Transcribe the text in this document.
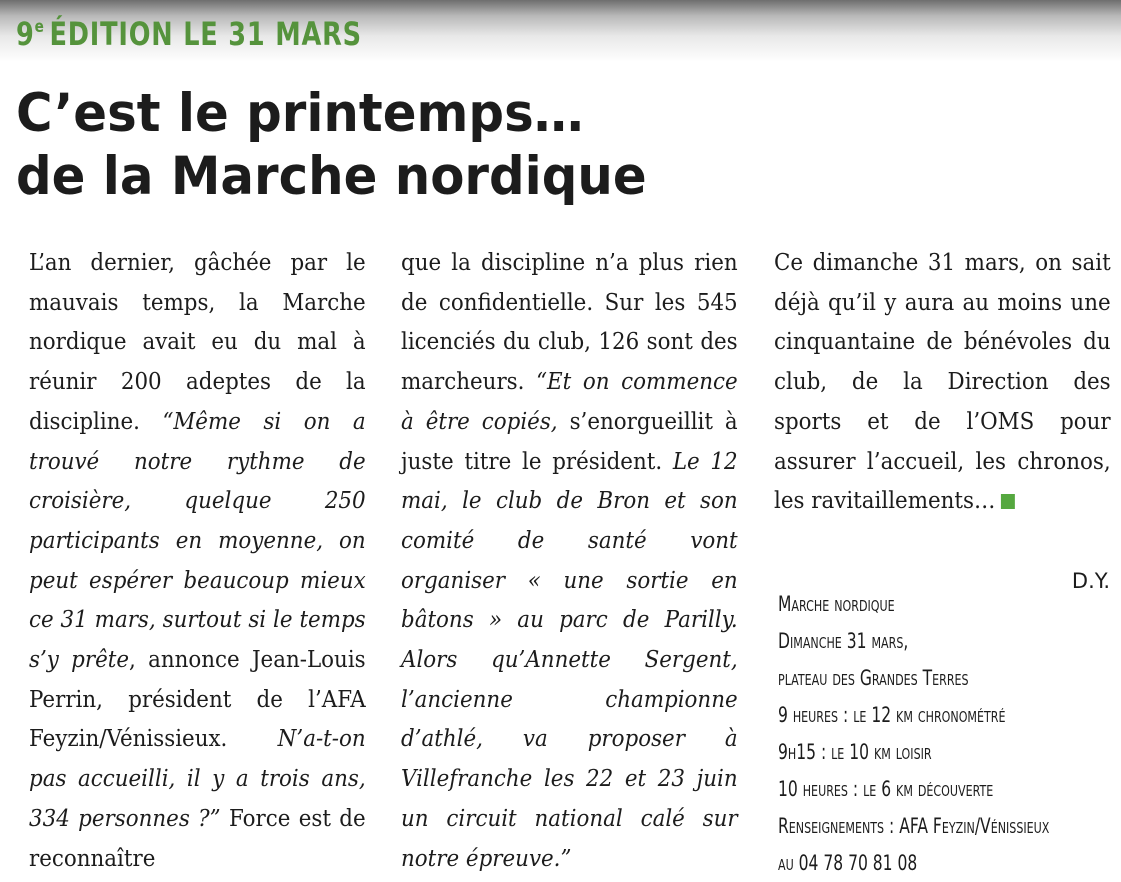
9e ÉDITION LE 31 MARS
C’est le printemps…
de la Marche nordique

L’an dernier, gâchée par le mauvais temps, la Marche nordique avait eu du mal à réunir 200 adeptes de la discipline. “Même si on a trouvé notre rythme de croisière, quelque 250 participants en moyenne, on peut espérer beaucoup mieux ce 31 mars, surtout si le temps s’y prête, annonce Jean-Louis Perrin, président de l’AFA Feyzin/Vénissieux. N’a-t-on pas accueilli, il y a trois ans, 334 personnes ?” Force est de reconnaître

que la discipline n’a plus rien de confidentielle. Sur les 545 licenciés du club, 126 sont des marcheurs. “Et on commence à être copiés, s’enorgueillit à juste titre le président. Le 12 mai, le club de Bron et son comité de santé vont organiser « une sortie en bâtons » au parc de Parilly. Alors qu’Annette Sergent, l’ancienne championne d’athlé, va proposer à Villefranche les 22 et 23 juin un circuit national calé sur notre épreuve.”

Ce dimanche 31 mars, on sait déjà qu’il y aura au moins une cinquantaine de bénévoles du club, de la Direction des sports et de l’OMS pour assurer l’accueil, les chronos, les ravitaillements…

D.Y.

Marche nordique
Dimanche 31 mars,
plateau des Grandes Terres
9 heures : le 12 km chronométré
9h15 : le 10 km loisir
10 heures : le 6 km découverte
Renseignements : AFA Feyzin/Vénissieux
au 04 78 70 81 08
